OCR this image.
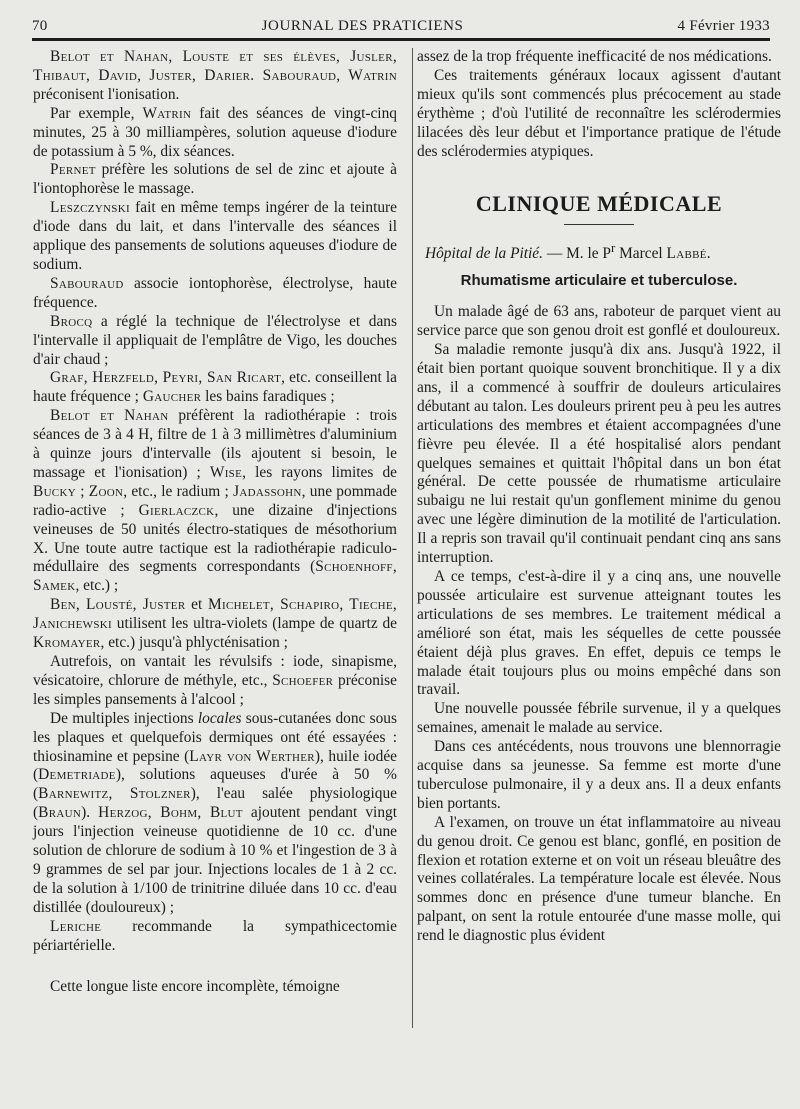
70	JOURNAL DES PRATICIENS	4 Février 1933

Belot et Nahan, Louste et ses élèves, Jusler, Thibaut, David, Juster, Darier. Sabouraud, Watrin préconisent l'ionisation.

Par exemple, Watrin fait des séances de vingt-cinq minutes, 25 à 30 milliampères, solution aqueuse d'iodure de potassium à 5 %, dix séances.

Pernet préfère les solutions de sel de zinc et ajoute à l'iontophorèse le massage.

Leszczynski fait en même temps ingérer de la teinture d'iode dans du lait, et dans l'intervalle des séances il applique des pansements de solutions aqueuses d'iodure de sodium.

Sabouraud associe iontophorèse, électrolyse, haute fréquence.

Brocq a réglé la technique de l'électrolyse et dans l'intervalle il appliquait de l'emplâtre de Vigo, les douches d'air chaud ;

Graf, Herzfeld, Peyri, San Ricart, etc. conseillent la haute fréquence ; Gaucher les bains faradiques ;

Belot et Nahan préfèrent la radiothérapie : trois séances de 3 à 4 H, filtre de 1 à 3 millimètres d'aluminium à quinze jours d'intervalle (ils ajoutent si besoin, le massage et l'ionisation) ; Wise, les rayons limites de Bucky ; Zoon, etc., le radium ; Jadassohn, une pommade radio-active ; Gierlaczck, une dizaine d'injections veineuses de 50 unités électro-statiques de mésothorium X. Une toute autre tactique est la radiothérapie radiculo-médullaire des segments correspondants (Schoenhoff, Samek, etc.) ;

Ben, Lousté, Juster et Michelet, Schapiro, Tieche, Janichewski utilisent les ultra-violets (lampe de quartz de Kromayer, etc.) jusqu'à phlycténisation ;

Autrefois, on vantait les révulsifs : iode, sinapisme, vésicatoire, chlorure de méthyle, etc., Schoefer préconise les simples pansements à l'alcool ;

De multiples injections locales sous-cutanées donc sous les plaques et quelquefois dermiques ont été essayées : thiosinamine et pepsine (Layr von Werther), huile iodée (Demetriade), solutions aqueuses d'urée à 50 % (Barnewitz, Stolzner), l'eau salée physiologique (Braun). Herzog, Bohm, Blut ajoutent pendant vingt jours l'injection veineuse quotidienne de 10 cc. d'une solution de chlorure de sodium à 10 % et l'ingestion de 3 à 9 grammes de sel par jour. Injections locales de 1 à 2 cc. de la solution à 1/100 de trinitrine diluée dans 10 cc. d'eau distillée (douloureux) ;

Leriche recommande la sympathicectomie périartérielle.

Cette longue liste encore incomplète, témoigne

assez de la trop fréquente inefficacité de nos médications.

Ces traitements généraux locaux agissent d'autant mieux qu'ils sont commencés plus précocement au stade érythème ; d'où l'utilité de reconnaître les sclérodermies lilacées dès leur début et l'importance pratique de l'étude des sclérodermies atypiques.

CLINIQUE MÉDICALE

Hôpital de la Pitié. — M. le $P^r$ Marcel Labbé.

Rhumatisme articulaire et tuberculose.

Un malade âgé de 63 ans, raboteur de parquet vient au service parce que son genou droit est gonflé et douloureux.

Sa maladie remonte jusqu'à dix ans. Jusqu'à 1922, il était bien portant quoique souvent bronchitique. Il y a dix ans, il a commencé à souffrir de douleurs articulaires débutant au talon. Les douleurs prirent peu à peu les autres articulations des membres et étaient accompagnées d'une fièvre peu élevée. Il a été hospitalisé alors pendant quelques semaines et quittait l'hôpital dans un bon état général. De cette poussée de rhumatisme articulaire subaigu ne lui restait qu'un gonflement minime du genou avec une légère diminution de la motilité de l'articulation. Il a repris son travail qu'il continuait pendant cinq ans sans interruption.

A ce temps, c'est-à-dire il y a cinq ans, une nouvelle poussée articulaire est survenue atteignant toutes les articulations de ses membres. Le traitement médical a amélioré son état, mais les séquelles de cette poussée étaient déjà plus graves. En effet, depuis ce temps le malade était toujours plus ou moins empêché dans son travail.

Une nouvelle poussée fébrile survenue, il y a quelques semaines, amenait le malade au service.

Dans ces antécédents, nous trouvons une blennorragie acquise dans sa jeunesse. Sa femme est morte d'une tuberculose pulmonaire, il y a deux ans. Il a deux enfants bien portants.

A l'examen, on trouve un état inflammatoire au niveau du genou droit. Ce genou est blanc, gonflé, en position de flexion et rotation externe et on voit un réseau bleuâtre des veines collatérales. La température locale est élevée. Nous sommes donc en présence d'une tumeur blanche. En palpant, on sent la rotule entourée d'une masse molle, qui rend le diagnostic plus évident
